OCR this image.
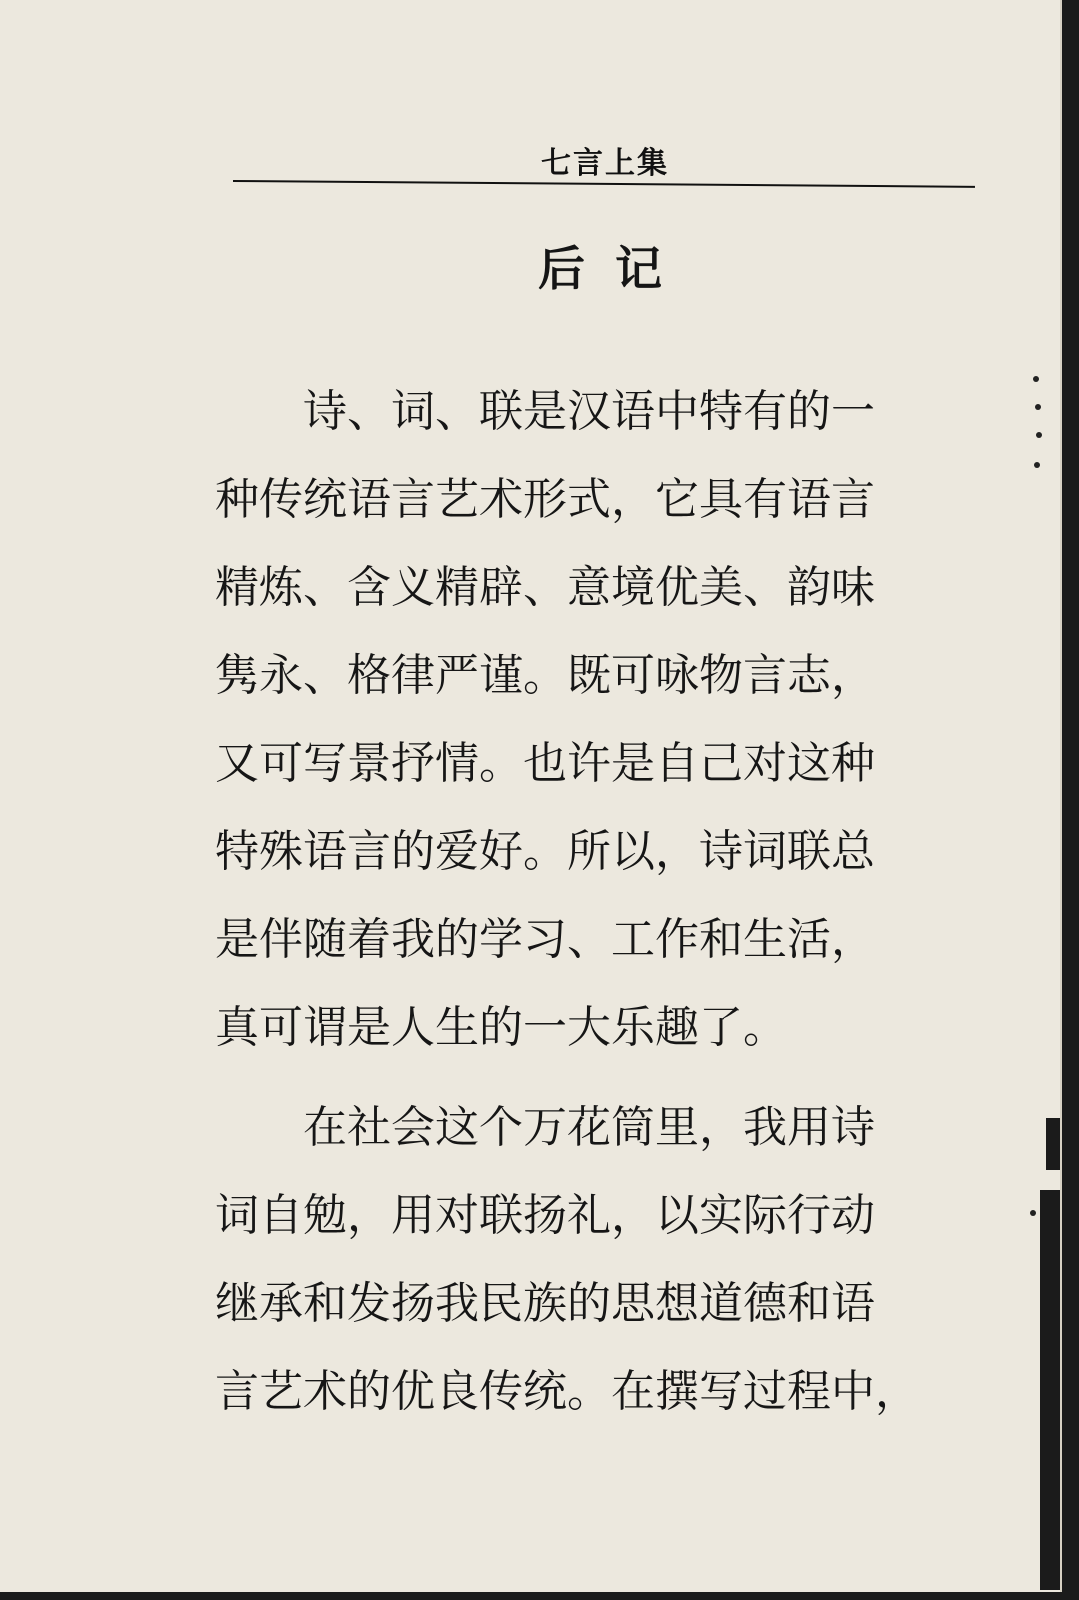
七言上集
后记
诗、词、联是汉语中特有的一
种传统语言艺术形式，它具有语言
精炼、含义精辟、意境优美、韵味
隽永、格律严谨。既可咏物言志，
又可写景抒情。也许是自己对这种
特殊语言的爱好。所以，诗词联总
是伴随着我的学习、工作和生活，
真可谓是人生的一大乐趣了。
在社会这个万花筒里，我用诗
词自勉，用对联扬礼，以实际行动
继承和发扬我民族的思想道德和语
言艺术的优良传统。在撰写过程中，
